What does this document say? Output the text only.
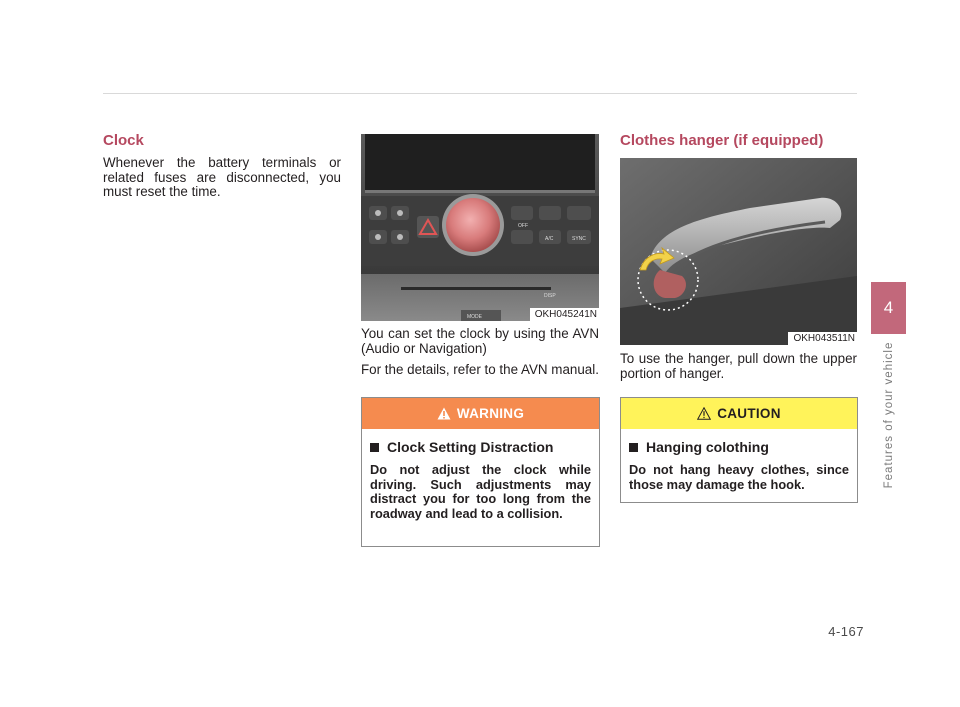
Clock

Whenever the battery terminals or related fuses are disconnected, you must reset the time.

OFF
A/C	SYNC
DISP
MODE	OKH045241N

You can set the clock by using the AVN (Audio or Navigation)

For the details, refer to the AVN manual.

WARNING
Clock Setting Distraction

Do not adjust the clock while driving. Such adjustments may distract you for too long from the roadway and lead to a collision.

Clothes hanger (if equipped)
OKH043511N

To use the hanger, pull down the upper portion of hanger.

CAUTION
Hanging colothing

Do not hang heavy clothes, since those may damage the hook.

4
Features of your vehicle
4-167
